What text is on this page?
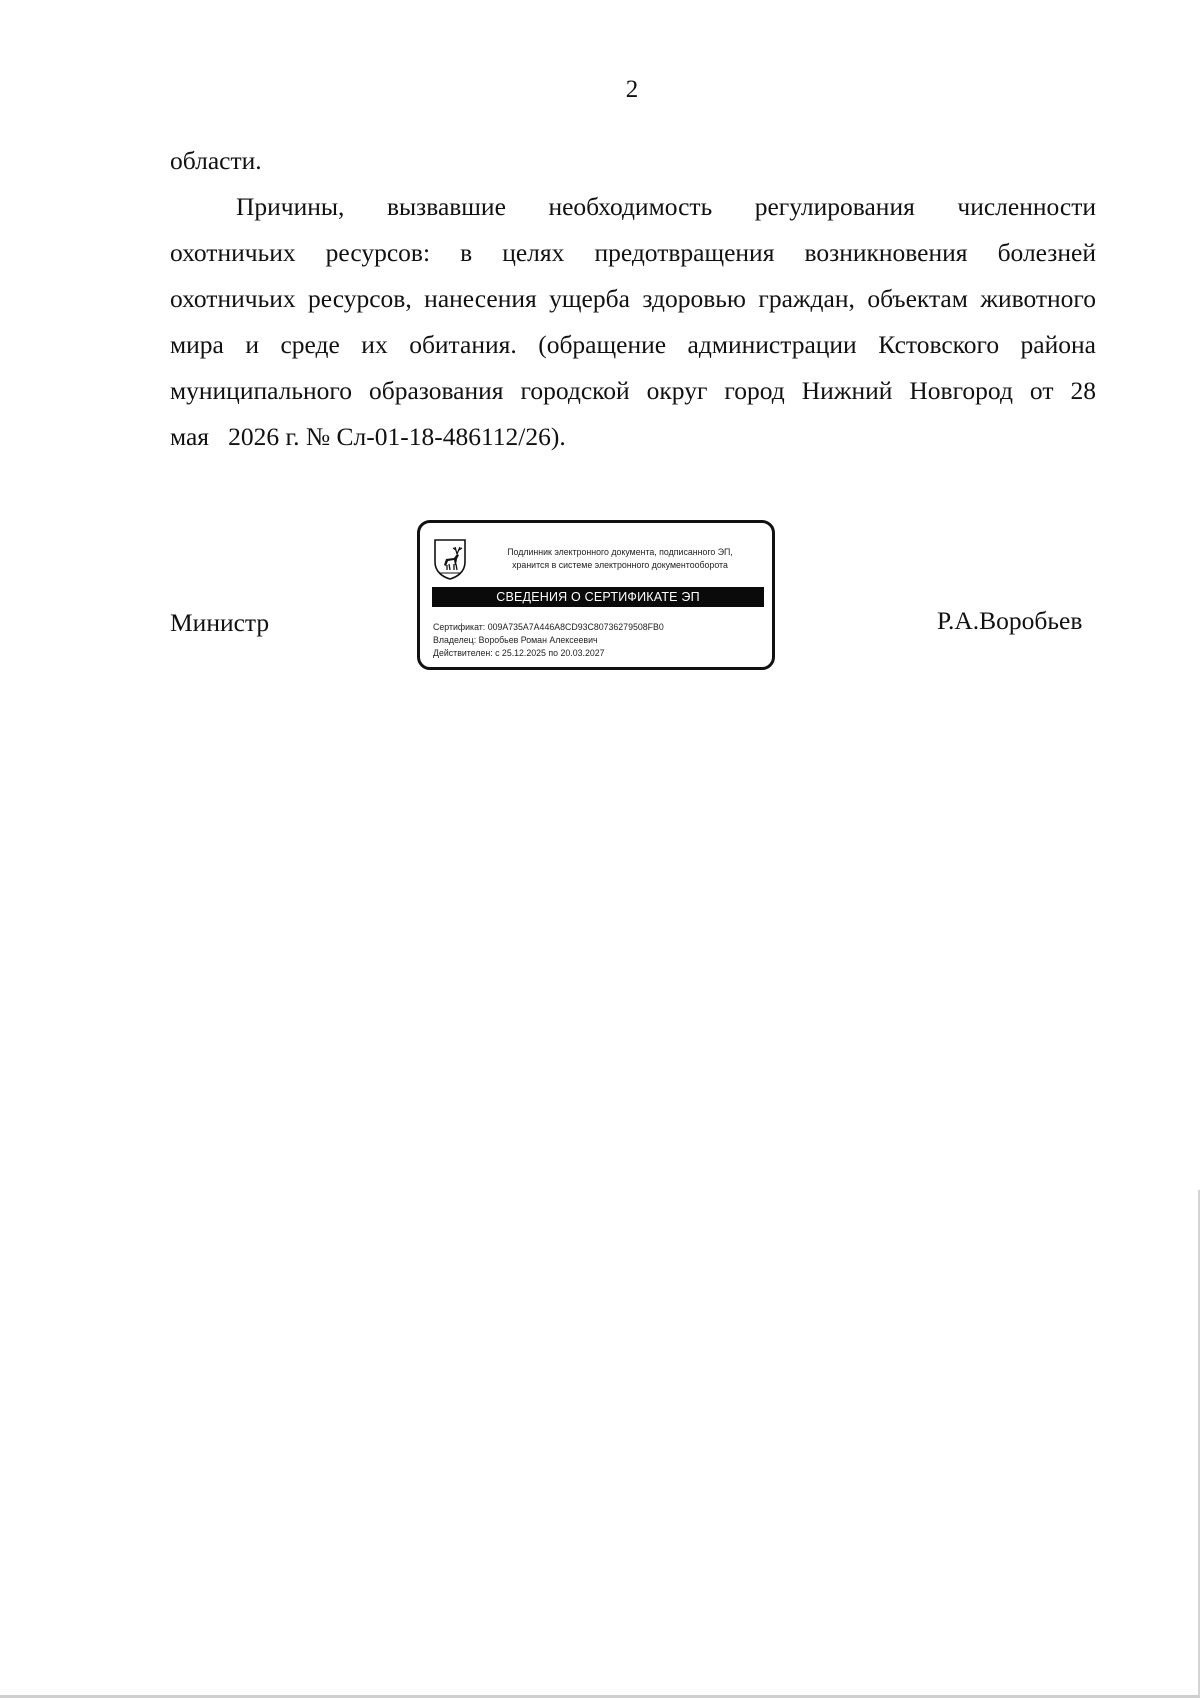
2
области.
Причины, вызвавшие необходимость регулирования численности
охотничьих ресурсов: в целях предотвращения возникновения болезней
охотничьих ресурсов, нанесения ущерба здоровью граждан, объектам животного
мира и среде их обитания. (обращение администрации Кстовского района
муниципального образования городской округ город Нижний Новгород от 28
мая   2026 г. № Сл-01-18-486112/26).
Министр	Р.А.Воробьев
Подлинник электронного документа, подписанного ЭП,
хранится в системе электронного документооборота
СВЕДЕНИЯ О СЕРТИФИКАТЕ ЭП
Сертификат: 009A735A7A446A8CD93C80736279508FB0
Владелец: Воробьев Роман Алексеевич
Действителен: с 25.12.2025 по 20.03.2027
